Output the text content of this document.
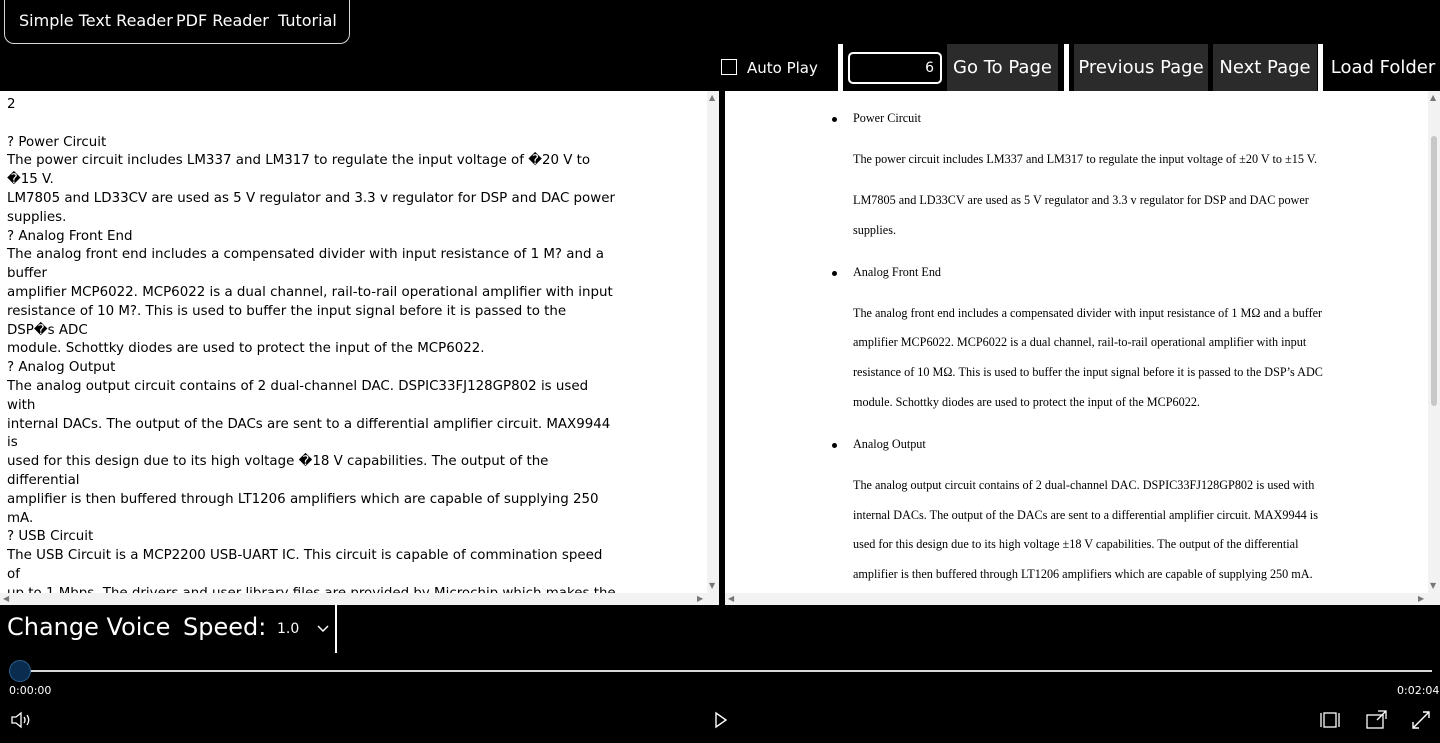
Simple Text Reader PDF Reader Tutorial
Auto Play
6	Go To Page	Previous Page Next Page	Load Folder
2

? Power Circuit
The power circuit includes LM337 and LM317 to regulate the input voltage of �20 V to �15 V.
LM7805 and LD33CV are used as 5 V regulator and 3.3 v regulator for DSP and DAC power
supplies.
? Analog Front End
The analog front end includes a compensated divider with input resistance of 1 M? and a buffer
amplifier MCP6022. MCP6022 is a dual channel, rail-to-rail operational amplifier with input
resistance of 10 M?. This is used to buffer the input signal before it is passed to the DSP�s ADC
module. Schottky diodes are used to protect the input of the MCP6022.
? Analog Output
The analog output circuit contains of 2 dual-channel DAC. DSPIC33FJ128GP802 is used with
internal DACs. The output of the DACs are sent to a differential amplifier circuit. MAX9944 is
used for this design due to its high voltage �18 V capabilities. The output of the differential
amplifier is then buffered through LT1206 amplifiers which are capable of supplying 250 mA.
? USB Circuit
The USB Circuit is a MCP2200 USB-UART IC. This circuit is capable of commination speed of

▲
▼
◀	▶
Power Circuit
The power circuit includes LM337 and LM317 to regulate the input voltage of ±20 V to ±15 V.
LM7805 and LD33CV are used as 5 V regulator and 3.3 v regulator for DSP and DAC power
supplies.
Analog Front End
The analog front end includes a compensated divider with input resistance of 1 MΩ and a buffer
amplifier MCP6022. MCP6022 is a dual channel, rail-to-rail operational amplifier with input
resistance of 10 MΩ. This is used to buffer the input signal before it is passed to the DSP’s ADC
module. Schottky diodes are used to protect the input of the MCP6022.
Analog Output
The analog output circuit contains of 2 dual-channel DAC. DSPIC33FJ128GP802 is used with
internal DACs. The output of the DACs are sent to a differential amplifier circuit. MAX9944 is
used for this design due to its high voltage ±18 V capabilities. The output of the differential
amplifier is then buffered through LT1206 amplifiers which are capable of supplying 250 mA.
▲
▼
◀	▶
Change Voice Speed: 1.0
0:00:00	0:02:04
